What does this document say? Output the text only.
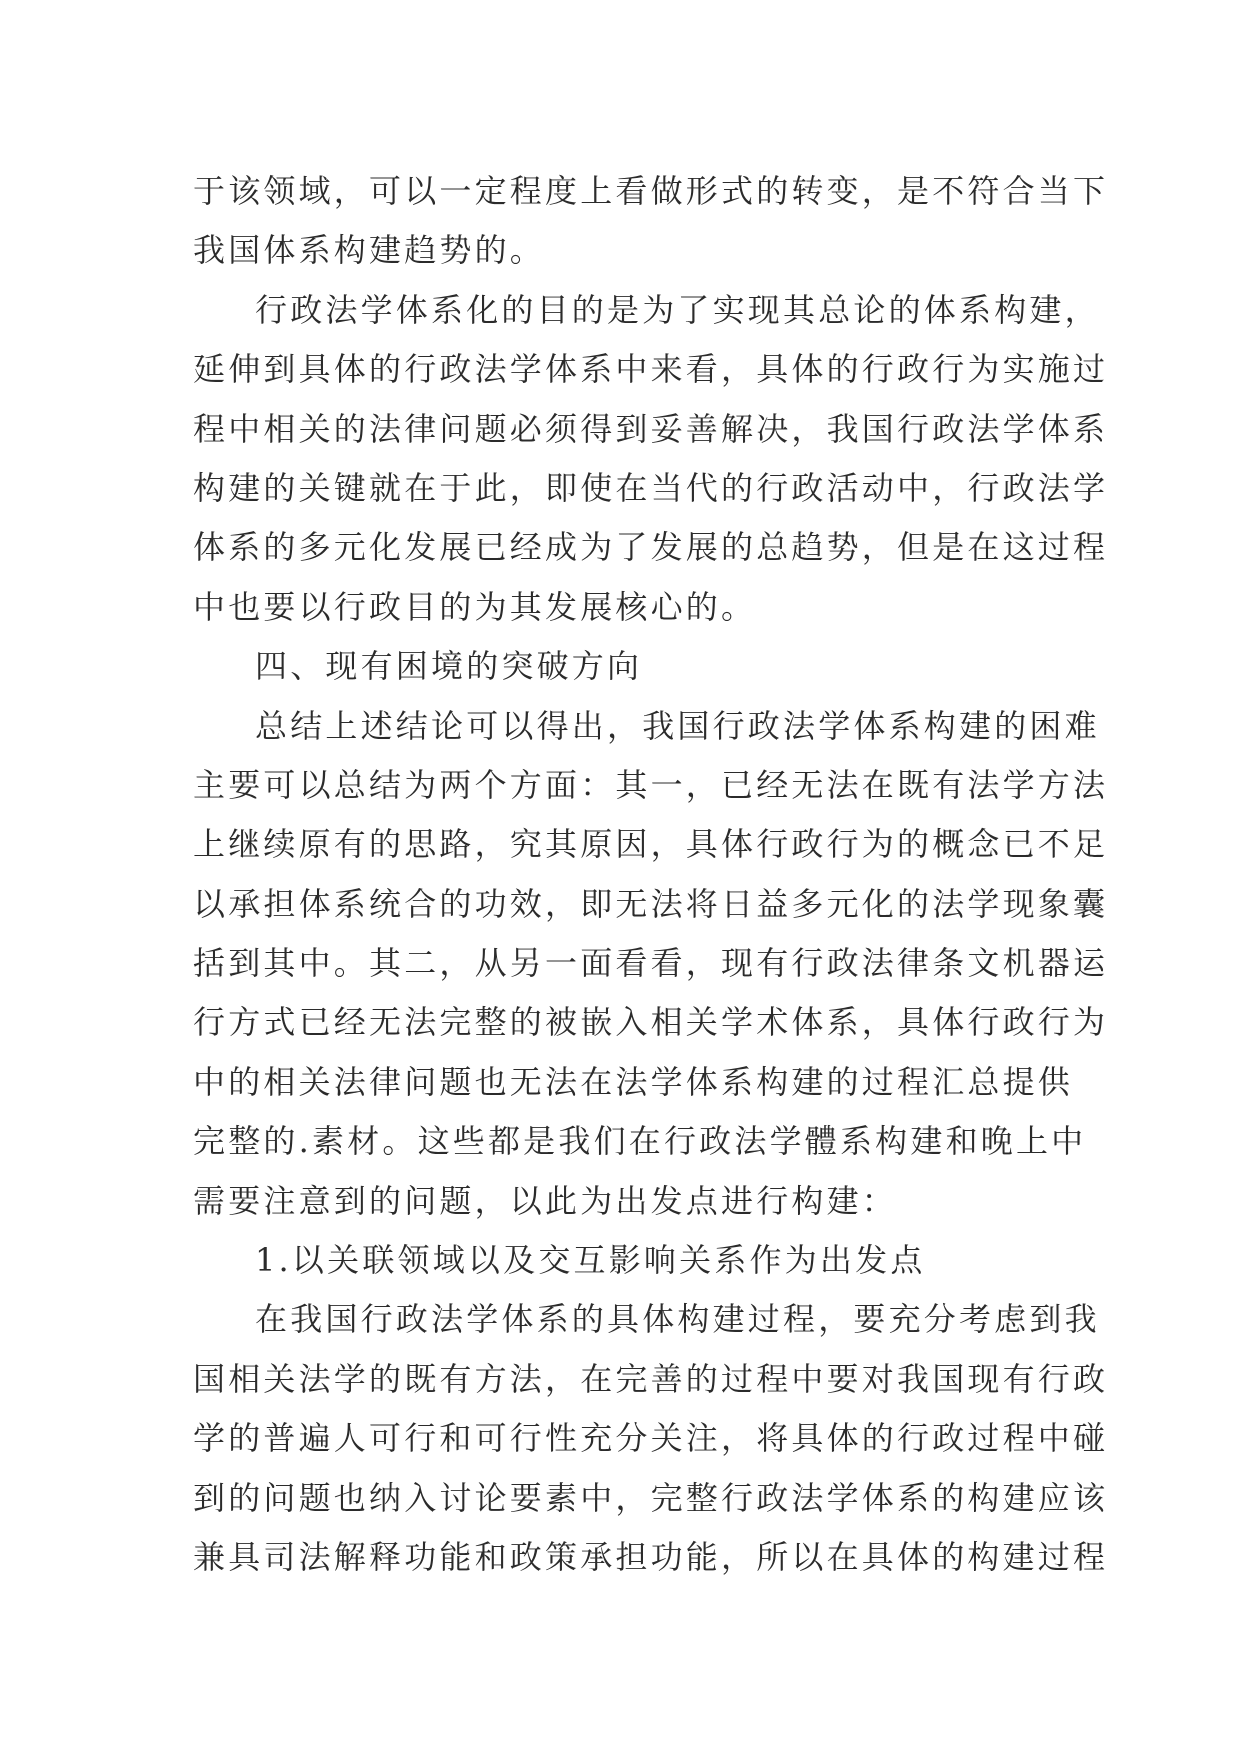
于该领域，可以一定程度上看做形式的转变，是不符合当下
我国体系构建趋势的。
行政法学体系化的目的是为了实现其总论的体系构建，
延伸到具体的行政法学体系中来看，具体的行政行为实施过
程中相关的法律问题必须得到妥善解决，我国行政法学体系
构建的关键就在于此，即使在当代的行政活动中，行政法学
体系的多元化发展已经成为了发展的总趋势，但是在这过程
中也要以行政目的为其发展核心的。
四、现有困境的突破方向
总结上述结论可以得出，我国行政法学体系构建的困难
主要可以总结为两个方面：其一，已经无法在既有法学方法
上继续原有的思路，究其原因，具体行政行为的概念已不足
以承担体系统合的功效，即无法将日益多元化的法学现象囊
括到其中。其二，从另一面看看，现有行政法律条文机器运
行方式已经无法完整的被嵌入相关学术体系，具体行政行为
中的相关法律问题也无法在法学体系构建的过程汇总提供
完整的.素材。这些都是我们在行政法学體系构建和晚上中
需要注意到的问题，以此为出发点进行构建：
1.以关联领域以及交互影响关系作为出发点
在我国行政法学体系的具体构建过程，要充分考虑到我
国相关法学的既有方法，在完善的过程中要对我国现有行政
学的普遍人可行和可行性充分关注，将具体的行政过程中碰
到的问题也纳入讨论要素中，完整行政法学体系的构建应该
兼具司法解释功能和政策承担功能，所以在具体的构建过程
